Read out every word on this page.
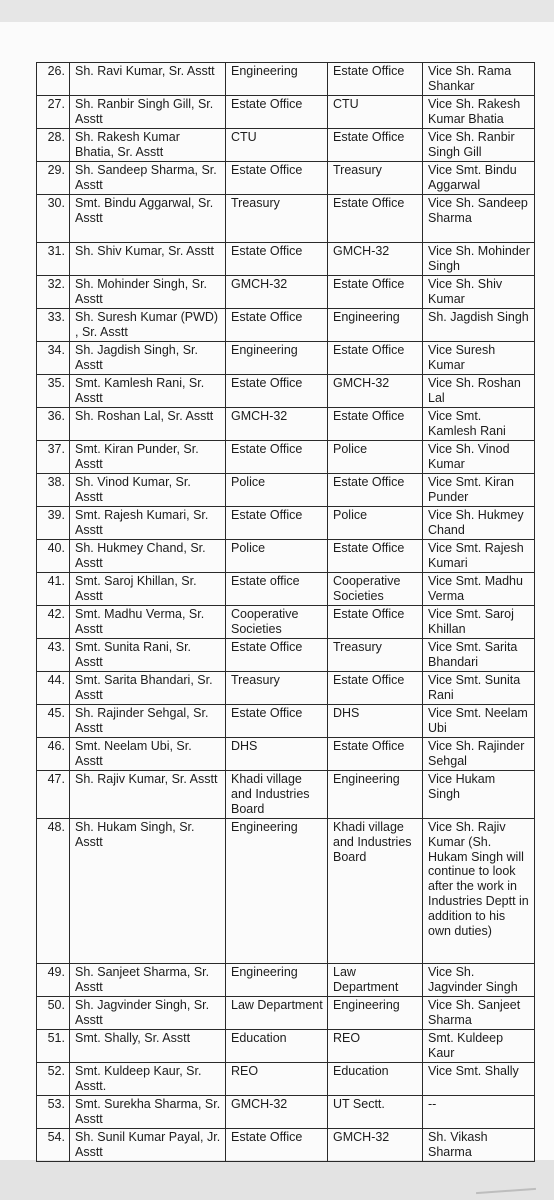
26.	Sh. Ravi Kumar, Sr. Asstt	Engineering	Estate Office	Vice Sh. Rama Shankar
27.	Sh. Ranbir Singh Gill, Sr. Asstt	Estate Office	CTU	Vice Sh. Rakesh Kumar Bhatia
28.	Sh. Rakesh Kumar Bhatia, Sr. Asstt	CTU	Estate Office	Vice Sh. Ranbir Singh Gill
29.	Sh. Sandeep Sharma, Sr. Asstt	Estate Office	Treasury	Vice Smt. Bindu Aggarwal
30.	Smt. Bindu Aggarwal, Sr. Asstt	Treasury	Estate Office	Vice Sh. Sandeep Sharma
31.	Sh. Shiv Kumar, Sr. Asstt	Estate Office	GMCH-32	Vice Sh. Mohinder Singh
32.	Sh. Mohinder Singh, Sr. Asstt	GMCH-32	Estate Office	Vice Sh. Shiv Kumar
33.	Sh. Suresh Kumar (PWD) , Sr. Asstt	Estate Office	Engineering	Sh. Jagdish Singh
34.	Sh. Jagdish Singh, Sr. Asstt	Engineering	Estate Office	Vice Suresh Kumar
35.	Smt. Kamlesh Rani, Sr. Asstt	Estate Office	GMCH-32	Vice Sh. Roshan Lal
36.	Sh. Roshan Lal, Sr. Asstt	GMCH-32	Estate Office	Vice Smt. Kamlesh Rani
37.	Smt. Kiran Punder, Sr. Asstt	Estate Office	Police	Vice Sh. Vinod Kumar
38.	Sh. Vinod Kumar, Sr. Asstt	Police	Estate Office	Vice Smt. Kiran Punder
39.	Smt. Rajesh Kumari, Sr. Asstt	Estate Office	Police	Vice Sh. Hukmey Chand
40.	Sh. Hukmey Chand, Sr. Asstt	Police	Estate Office	Vice Smt. Rajesh Kumari
41.	Smt. Saroj Khillan, Sr. Asstt	Estate office	Cooperative Societies	Vice Smt. Madhu Verma
42.	Smt. Madhu Verma, Sr. Asstt	Cooperative Societies	Estate Office	Vice Smt. Saroj Khillan
43.	Smt. Sunita Rani, Sr. Asstt	Estate Office	Treasury	Vice Smt. Sarita Bhandari
44.	Smt. Sarita Bhandari, Sr. Asstt	Treasury	Estate Office	Vice Smt. Sunita Rani
45.	Sh. Rajinder Sehgal, Sr. Asstt	Estate Office	DHS	Vice Smt. Neelam Ubi
46.	Smt. Neelam Ubi, Sr. Asstt	DHS	Estate Office	Vice Sh. Rajinder Sehgal
47.	Sh. Rajiv Kumar, Sr. Asstt	Khadi village and Industries Board	Engineering	Vice Hukam Singh
48.	Sh. Hukam Singh, Sr. Asstt	Engineering	Khadi village and Industries Board	Vice Sh. Rajiv Kumar (Sh. Hukam Singh will continue to look after the work in Industries Deptt in addition to his own duties)
49.	Sh. Sanjeet Sharma, Sr. Asstt	Engineering	Law Department	Vice Sh. Jagvinder Singh
50.	Sh. Jagvinder Singh, Sr. Asstt	Law Department	Engineering	Vice Sh. Sanjeet Sharma
51.	Smt. Shally, Sr. Asstt	Education	REO	Smt. Kuldeep Kaur
52.	Smt. Kuldeep Kaur, Sr. Asstt.	REO	Education	Vice Smt. Shally
53.	Smt. Surekha Sharma, Sr. Asstt	GMCH-32	UT Sectt.	--
54.	Sh. Sunil Kumar Payal, Jr. Asstt	Estate Office	GMCH-32	Sh. Vikash Sharma
